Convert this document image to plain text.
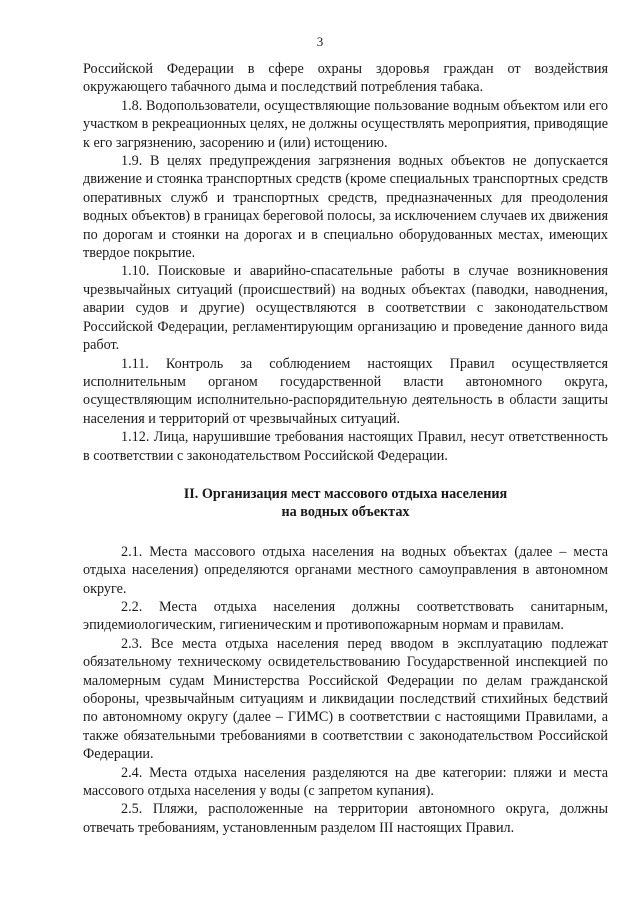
3

Российской Федерации в сфере охраны здоровья граждан от воздействия окружающего табачного дыма и последствий потребления табака.

1.8. Водопользователи, осуществляющие пользование водным объектом или его участком в рекреационных целях, не должны осуществлять мероприятия, приводящие к его загрязнению, засорению и (или) истощению.

1.9. В целях предупреждения загрязнения водных объектов не допускается движение и стоянка транспортных средств (кроме специальных транспортных средств оперативных служб и транспортных средств, предназначенных для преодоления водных объектов) в границах береговой полосы, за исключением случаев их движения по дорогам и стоянки на дорогах и в специально оборудованных местах, имеющих твердое покрытие.

1.10. Поисковые и аварийно-спасательные работы в случае возникновения чрезвычайных ситуаций (происшествий) на водных объектах (паводки, наводнения, аварии судов и другие) осуществляются в соответствии с законодательством Российской Федерации, регламентирующим организацию и проведение данного вида работ.

1.11. Контроль за соблюдением настоящих Правил осуществляется исполнительным органом государственной власти автономного округа, осуществляющим исполнительно-распорядительную деятельность в области защиты населения и территорий от чрезвычайных ситуаций.

1.12. Лица, нарушившие требования настоящих Правил, несут ответственность в соответствии с законодательством Российской Федерации.

II. Организация мест массового отдыха населения
на водных объектах

2.1. Места массового отдыха населения на водных объектах (далее – места отдыха населения) определяются органами местного самоуправления в автономном округе.

2.2. Места отдыха населения должны соответствовать санитарным, эпидемиологическим, гигиеническим и противопожарным нормам и правилам.

2.3. Все места отдыха населения перед вводом в эксплуатацию подлежат обязательному техническому освидетельствованию Государственной инспекцией по маломерным судам Министерства Российской Федерации по делам гражданской обороны, чрезвычайным ситуациям и ликвидации последствий стихийных бедствий по автономному округу (далее – ГИМС) в соответствии с настоящими Правилами, а также обязательными требованиями в соответствии с законодательством Российской Федерации.

2.4. Места отдыха населения разделяются на две категории: пляжи и места массового отдыха населения у воды (с запретом купания).

2.5. Пляжи, расположенные на территории автономного округа, должны отвечать требованиям, установленным разделом III настоящих Правил.
